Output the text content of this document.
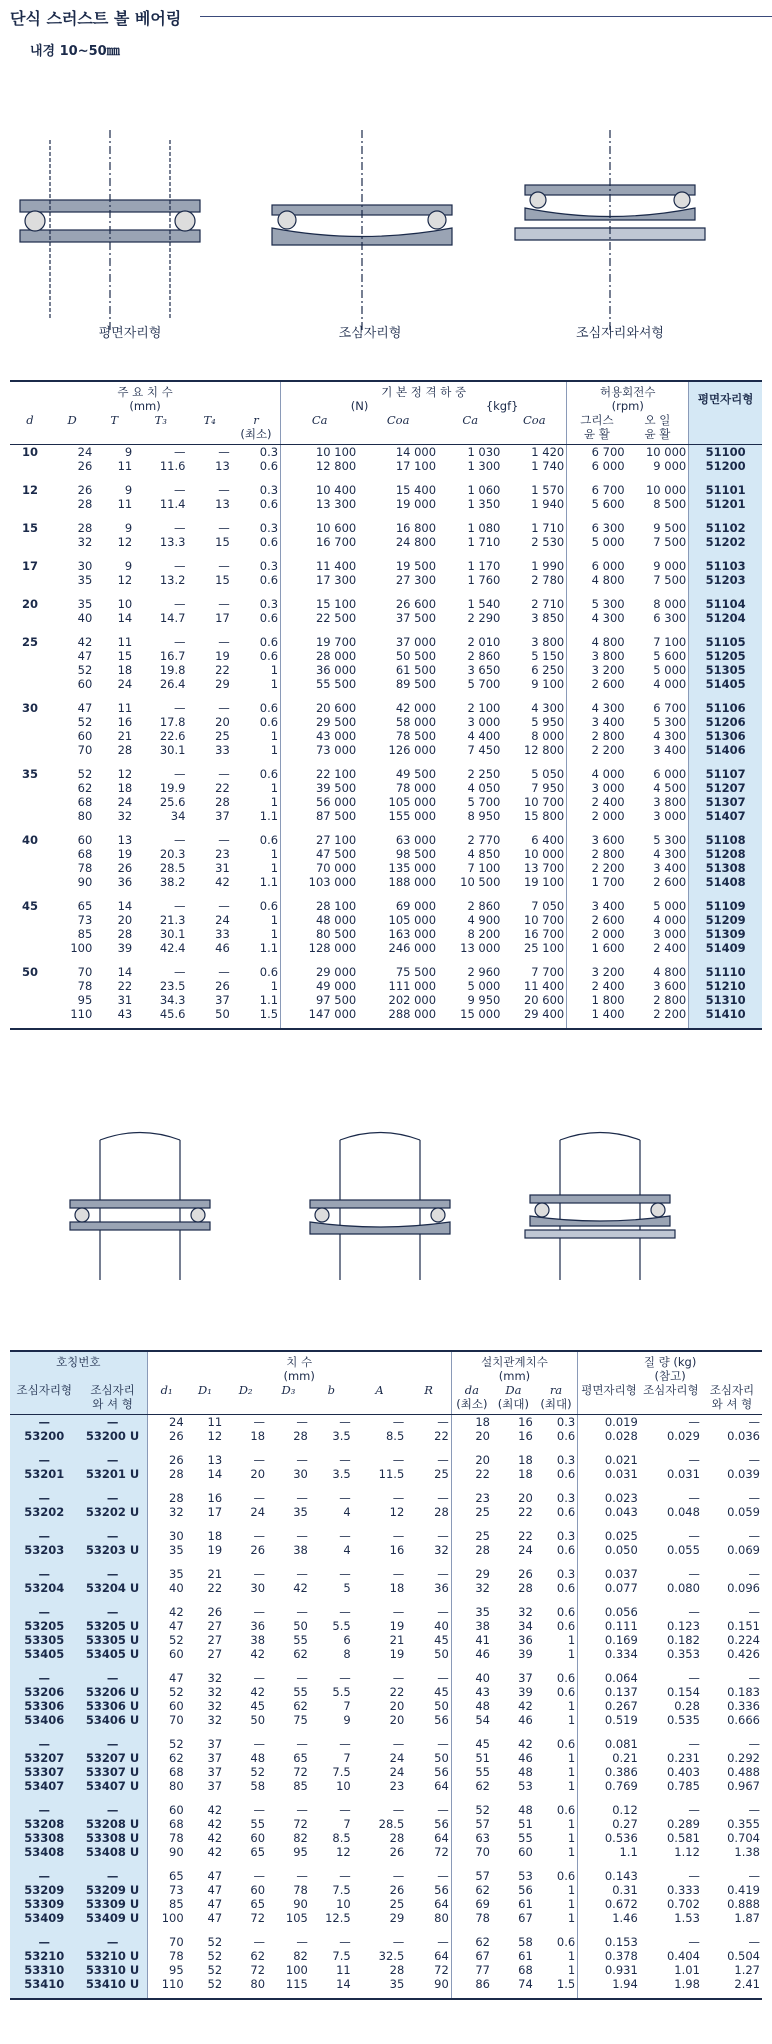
단식 스러스트 볼 베어링
내경 10~50㎜
평면자리형	조심자리형	조심자리와셔형
주 요 치 수						기 본 정 격 하 중				허용회전수		평면자리형
(mm)						(N)		{kgf}		(rpm)		
d	D	T	T₃	T₄	r	Ca	Coa	Ca	Coa	그리스	오 일	
					(최소)					윤 활	윤 활	
10	24	9	—	—	0.3	10 100	14 000	1 030	1 420	6 700	10 000	51100
	26	11	11.6	13	0.6	12 800	17 100	1 300	1 740	6 000	9 000	51200
12	26	9	—	—	0.3	10 400	15 400	1 060	1 570	6 700	10 000	51101
	28	11	11.4	13	0.6	13 300	19 000	1 350	1 940	5 600	8 500	51201
15	28	9	—	—	0.3	10 600	16 800	1 080	1 710	6 300	9 500	51102
	32	12	13.3	15	0.6	16 700	24 800	1 710	2 530	5 000	7 500	51202
17	30	9	—	—	0.3	11 400	19 500	1 170	1 990	6 000	9 000	51103
	35	12	13.2	15	0.6	17 300	27 300	1 760	2 780	4 800	7 500	51203
20	35	10	—	—	0.3	15 100	26 600	1 540	2 710	5 300	8 000	51104
	40	14	14.7	17	0.6	22 500	37 500	2 290	3 850	4 300	6 300	51204
25	42	11	—	—	0.6	19 700	37 000	2 010	3 800	4 800	7 100	51105
	47	15	16.7	19	0.6	28 000	50 500	2 860	5 150	3 800	5 600	51205
	52	18	19.8	22	1	36 000	61 500	3 650	6 250	3 200	5 000	51305
	60	24	26.4	29	1	55 500	89 500	5 700	9 100	2 600	4 000	51405
30	47	11	—	—	0.6	20 600	42 000	2 100	4 300	4 300	6 700	51106
	52	16	17.8	20	0.6	29 500	58 000	3 000	5 950	3 400	5 300	51206
	60	21	22.6	25	1	43 000	78 500	4 400	8 000	2 800	4 300	51306
	70	28	30.1	33	1	73 000	126 000	7 450	12 800	2 200	3 400	51406
35	52	12	—	—	0.6	22 100	49 500	2 250	5 050	4 000	6 000	51107
	62	18	19.9	22	1	39 500	78 000	4 050	7 950	3 000	4 500	51207
	68	24	25.6	28	1	56 000	105 000	5 700	10 700	2 400	3 800	51307
	80	32	34	37	1.1	87 500	155 000	8 950	15 800	2 000	3 000	51407
40	60	13	—	—	0.6	27 100	63 000	2 770	6 400	3 600	5 300	51108
	68	19	20.3	23	1	47 500	98 500	4 850	10 000	2 800	4 300	51208
	78	26	28.5	31	1	70 000	135 000	7 100	13 700	2 200	3 400	51308
	90	36	38.2	42	1.1	103 000	188 000	10 500	19 100	1 700	2 600	51408
45	65	14	—	—	0.6	28 100	69 000	2 860	7 050	3 400	5 000	51109
	73	20	21.3	24	1	48 000	105 000	4 900	10 700	2 600	4 000	51209
	85	28	30.1	33	1	80 500	163 000	8 200	16 700	2 000	3 000	51309
	100	39	42.4	46	1.1	128 000	246 000	13 000	25 100	1 600	2 400	51409
50	70	14	—	—	0.6	29 000	75 500	2 960	7 700	3 200	4 800	51110
	78	22	23.5	26	1	49 000	111 000	5 000	11 400	2 400	3 600	51210
	95	31	34.3	37	1.1	97 500	202 000	9 950	20 600	1 800	2 800	51310
	110	43	45.6	50	1.5	147 000	288 000	15 000	29 400	1 400	2 200	51410
호칭번호		치 수							설치관계치수			질 량 (kg)		
		(mm)							(mm)			(참고)		
조심자리형	조심자리	d₁	D₁	D₂	D₃	b	A	R	da	Da	ra	평면자리형	조심자리형	조심자리
	와 셔 형								(최소)	(최대)	(최대)			와 셔 형
—	—	24	11	—	—	—	—	—	18	16	0.3	0.019	—	—
53200	53200 U	26	12	18	28	3.5	8.5	22	20	16	0.6	0.028	0.029	0.036
—	—	26	13	—	—	—	—	—	20	18	0.3	0.021	—	—
53201	53201 U	28	14	20	30	3.5	11.5	25	22	18	0.6	0.031	0.031	0.039
—	—	28	16	—	—	—	—	—	23	20	0.3	0.023	—	—
53202	53202 U	32	17	24	35	4	12	28	25	22	0.6	0.043	0.048	0.059
—	—	30	18	—	—	—	—	—	25	22	0.3	0.025	—	—
53203	53203 U	35	19	26	38	4	16	32	28	24	0.6	0.050	0.055	0.069
—	—	35	21	—	—	—	—	—	29	26	0.3	0.037	—	—
53204	53204 U	40	22	30	42	5	18	36	32	28	0.6	0.077	0.080	0.096
—	—	42	26	—	—	—	—	—	35	32	0.6	0.056	—	—
53205	53205 U	47	27	36	50	5.5	19	40	38	34	0.6	0.111	0.123	0.151
53305	53305 U	52	27	38	55	6	21	45	41	36	1	0.169	0.182	0.224
53405	53405 U	60	27	42	62	8	19	50	46	39	1	0.334	0.353	0.426
—	—	47	32	—	—	—	—	—	40	37	0.6	0.064	—	—
53206	53206 U	52	32	42	55	5.5	22	45	43	39	0.6	0.137	0.154	0.183
53306	53306 U	60	32	45	62	7	20	50	48	42	1	0.267	0.28	0.336
53406	53406 U	70	32	50	75	9	20	56	54	46	1	0.519	0.535	0.666
—	—	52	37	—	—	—	—	—	45	42	0.6	0.081	—	—
53207	53207 U	62	37	48	65	7	24	50	51	46	1	0.21	0.231	0.292
53307	53307 U	68	37	52	72	7.5	24	56	55	48	1	0.386	0.403	0.488
53407	53407 U	80	37	58	85	10	23	64	62	53	1	0.769	0.785	0.967
—	—	60	42	—	—	—	—	—	52	48	0.6	0.12	—	—
53208	53208 U	68	42	55	72	7	28.5	56	57	51	1	0.27	0.289	0.355
53308	53308 U	78	42	60	82	8.5	28	64	63	55	1	0.536	0.581	0.704
53408	53408 U	90	42	65	95	12	26	72	70	60	1	1.1	1.12	1.38
—	—	65	47	—	—	—	—	—	57	53	0.6	0.143	—	—
53209	53209 U	73	47	60	78	7.5	26	56	62	56	1	0.31	0.333	0.419
53309	53309 U	85	47	65	90	10	25	64	69	61	1	0.672	0.702	0.888
53409	53409 U	100	47	72	105	12.5	29	80	78	67	1	1.46	1.53	1.87
—	—	70	52	—	—	—	—	—	62	58	0.6	0.153	—	—
53210	53210 U	78	52	62	82	7.5	32.5	64	67	61	1	0.378	0.404	0.504
53310	53310 U	95	52	72	100	11	28	72	77	68	1	0.931	1.01	1.27
53410	53410 U	110	52	80	115	14	35	90	86	74	1.5	1.94	1.98	2.41
